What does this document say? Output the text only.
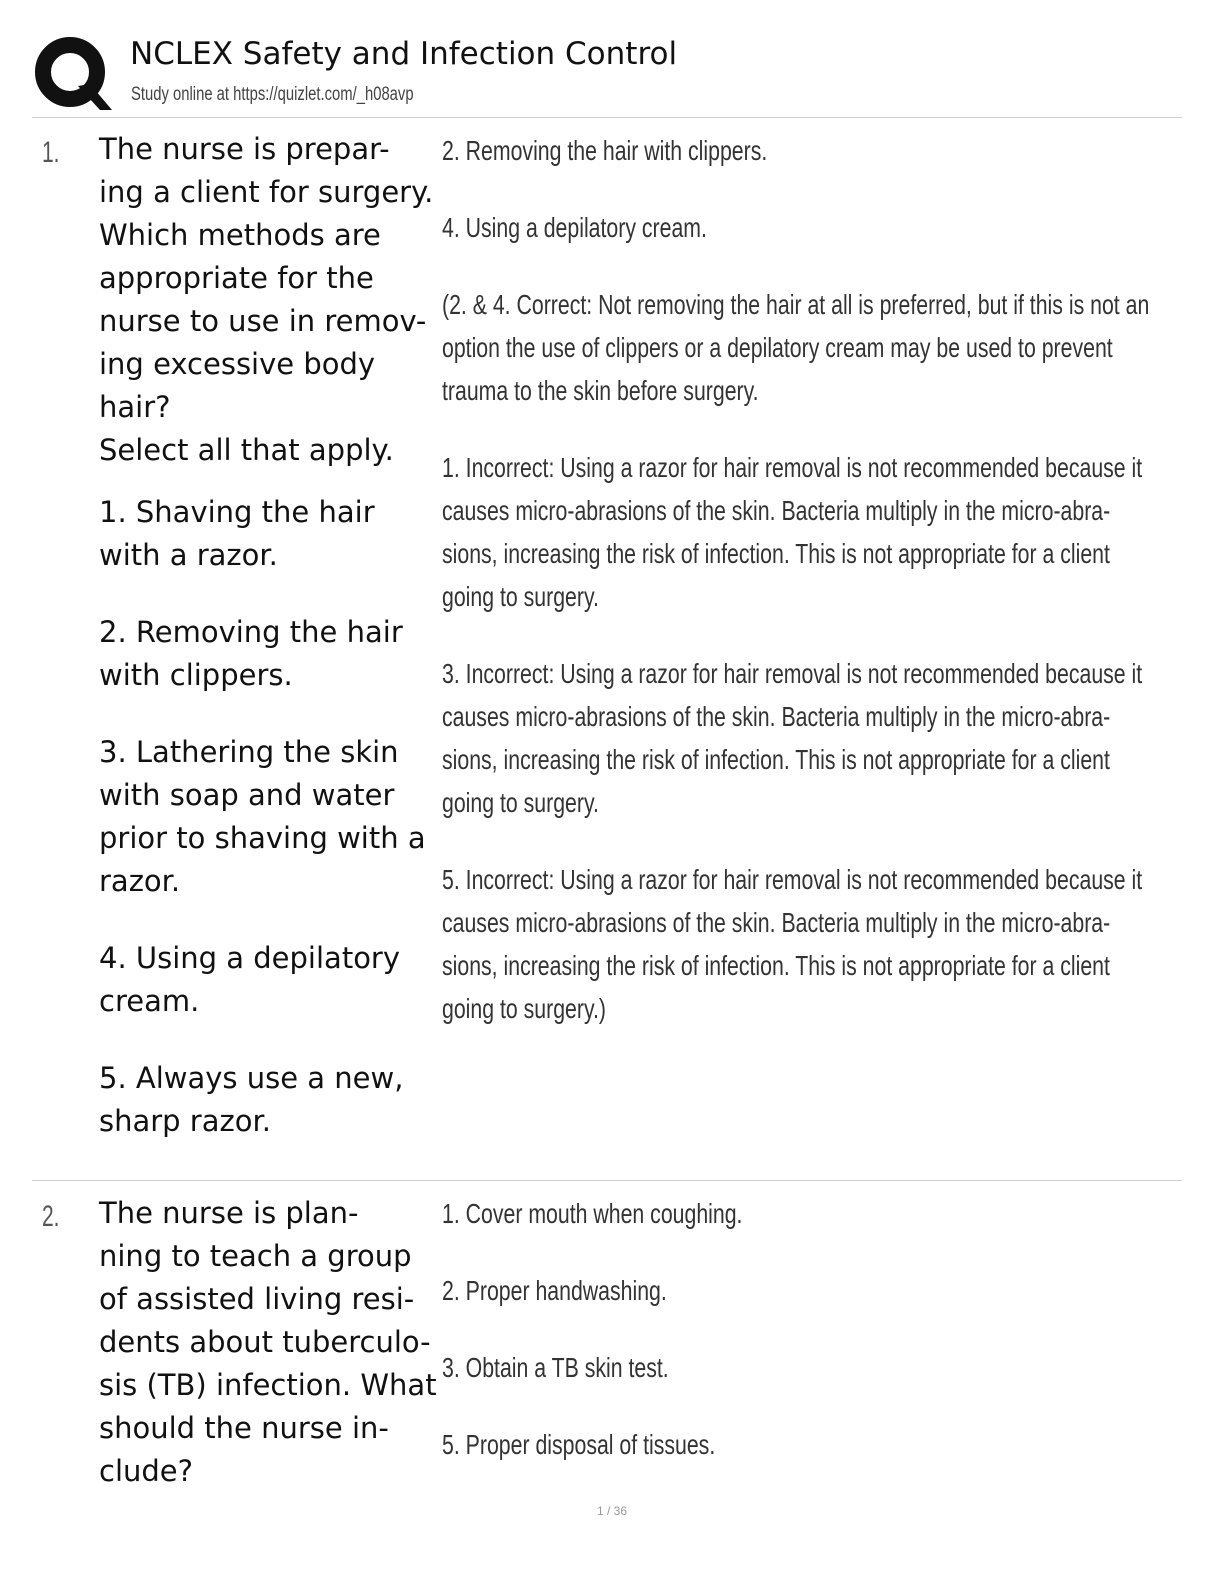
NCLEX Safety and Infection Control
Study online at https://quizlet.com/_h08avp
1. The nurse is prepar-

ing a client for surgery.

Which methods are

appropriate for the

nurse to use in remov-

ing excessive body

hair?

Select all that apply.

1. Shaving the hair

with a razor.

2. Removing the hair

with clippers.

3. Lathering the skin

with soap and water

prior to shaving with a

razor.

4. Using a depilatory

cream.

5. Always use a new,

sharp razor.

2. Removing the hair with clippers.

4. Using a depilatory cream.

(2. & 4. Correct: Not removing the hair at all is preferred, but if this is not an option the use of clippers or a depilatory cream may be used to prevent trauma to the skin before surgery.

1. Incorrect: Using a razor for hair removal is not recommended because it causes micro-abrasions of the skin. Bacteria multiply in the micro-abra- sions, increasing the risk of infection. This is not appropriate for a client going to surgery.

3. Incorrect: Using a razor for hair removal is not recommended because it causes micro-abrasions of the skin. Bacteria multiply in the micro-abra- sions, increasing the risk of infection. This is not appropriate for a client going to surgery.

5. Incorrect: Using a razor for hair removal is not recommended because it causes micro-abrasions of the skin. Bacteria multiply in the micro-abra- sions, increasing the risk of infection. This is not appropriate for a client going to surgery.)

2. The nurse is plan-

ning to teach a group

of assisted living resi-

dents about tuberculo-

sis (TB) infection. What

should the nurse in-

clude?

1. Cover mouth when coughing.

2. Proper handwashing.

3. Obtain a TB skin test.

5. Proper disposal of tissues.

1 / 36
